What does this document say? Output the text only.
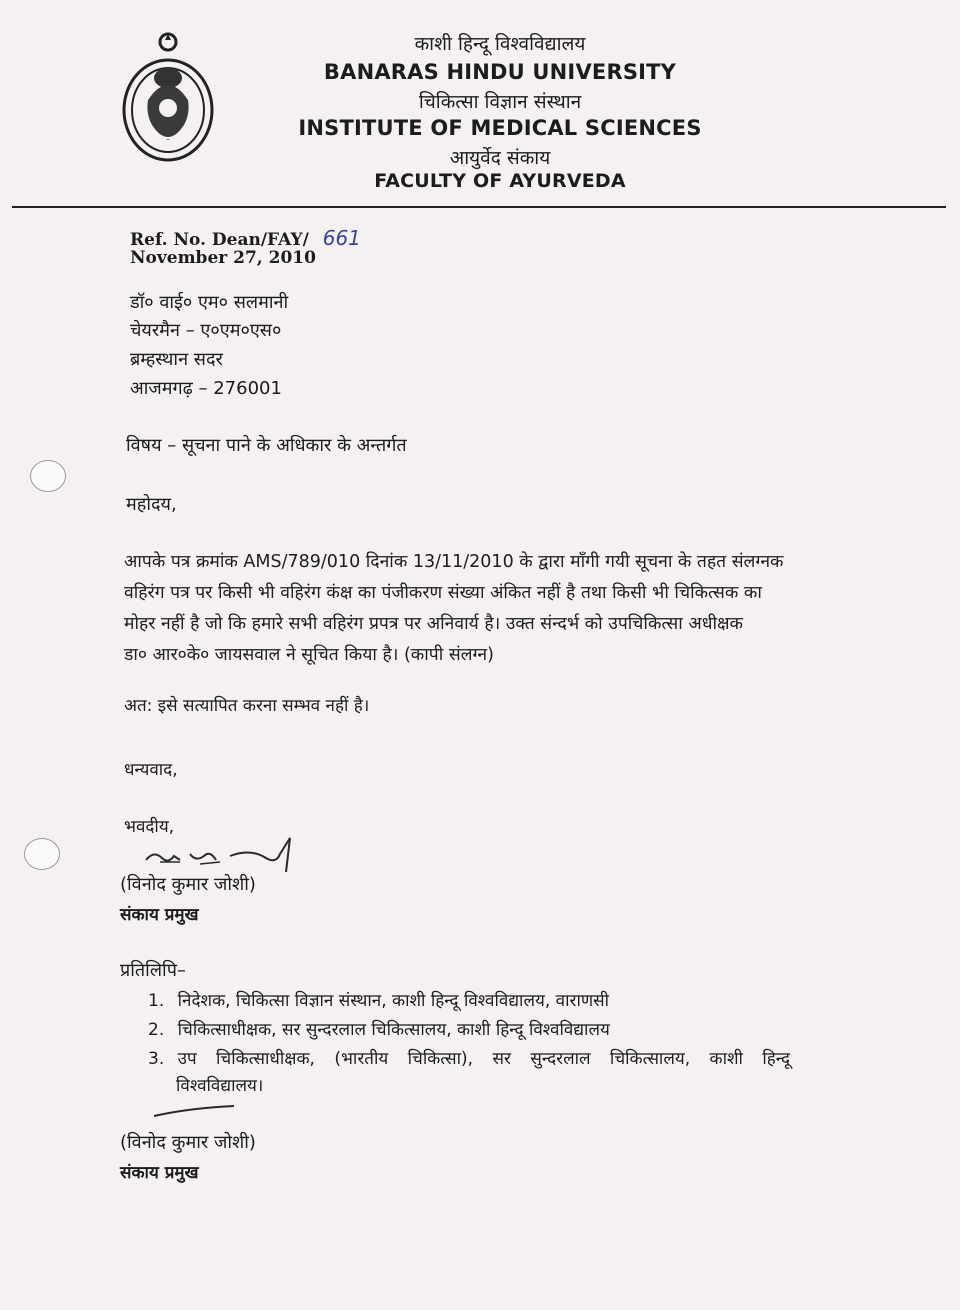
काशी हिन्दू विश्वविद्यालय
BANARAS HINDU UNIVERSITY
चिकित्सा विज्ञान संस्थान
INSTITUTE OF MEDICAL SCIENCES
आयुर्वेद संकाय
FACULTY OF AYURVEDA
Ref. No. Dean/FAY/ 661
November 27, 2010
डॉ० वाई० एम० सलमानी
चेयरमैन – ए०एम०एस०
ब्रम्हस्थान सदर
आजमगढ़ – 276001
विषय – सूचना पाने के अधिकार के अन्तर्गत
महोदय,
आपके पत्र क्रमांक AMS/789/010 दिनांक 13/11/2010 के द्वारा माँगी गयी सूचना के तहत संलग्नक
वहिरंग पत्र पर किसी भी वहिरंग कंक्ष का पंजीकरण संख्या अंकित नहीं है तथा किसी भी चिकित्सक का
मोहर नहीं है जो कि हमारे सभी वहिरंग प्रपत्र पर अनिवार्य है। उक्त संन्दर्भ को उपचिकित्सा अधीक्षक
डा० आर०के० जायसवाल ने सूचित किया है। (कापी संलग्न)
अत: इसे सत्यापित करना सम्भव नहीं है।
धन्यवाद,
भवदीय,
(विनोद कुमार जोशी)
संकाय प्रमुख
प्रतिलिपि–
1. निदेशक, चिकित्सा विज्ञान संस्थान, काशी हिन्दू विश्वविद्यालय, वाराणसी
2. चिकित्साधीक्षक, सर सुन्दरलाल चिकित्सालय, काशी हिन्दू विश्वविद्यालय
3. उप चिकित्साधीक्षक, (भारतीय चिकित्सा), सर सुन्दरलाल चिकित्सालय, काशी हिन्दू
विश्वविद्यालय।
(विनोद कुमार जोशी)
संकाय प्रमुख
